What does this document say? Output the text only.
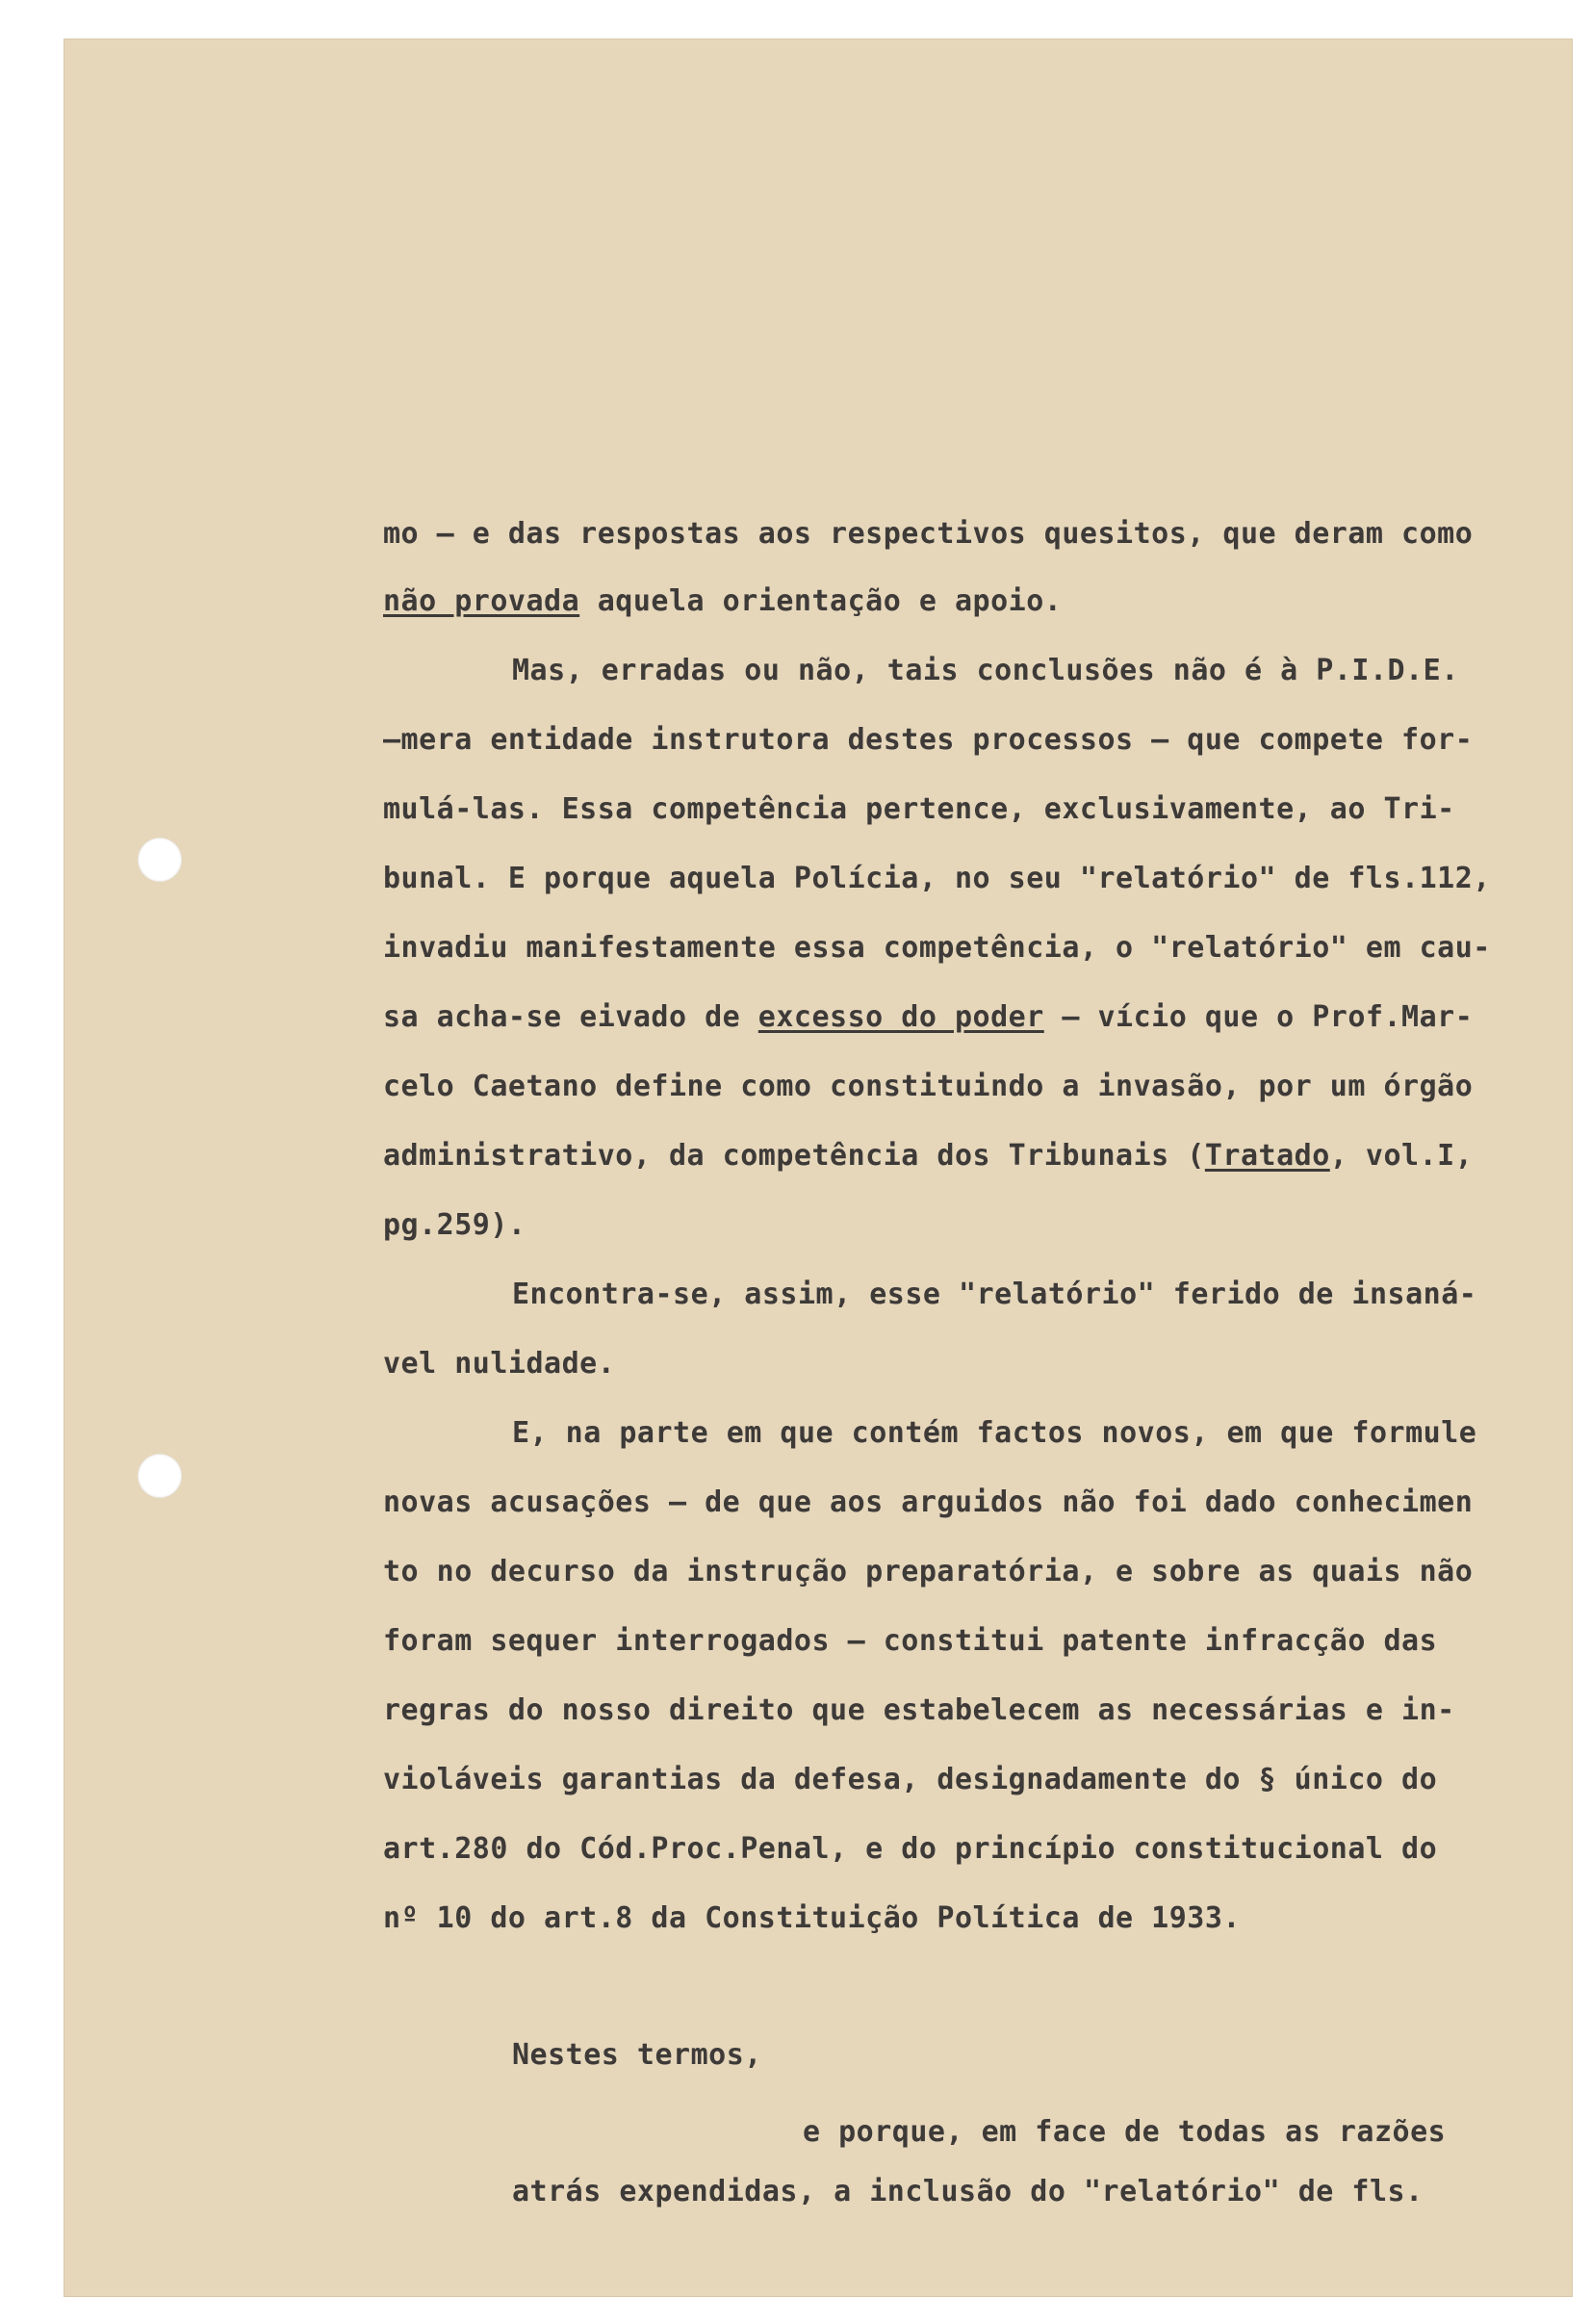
mo — e das respostas aos respectivos quesitos, que deram como
não provada aquela orientação e apoio.
Mas, erradas ou não, tais conclusões não é à P.I.D.E.
—mera entidade instrutora destes processos — que compete for-
mulá-las. Essa competência pertence, exclusivamente, ao Tri-
bunal. E porque aquela Polícia, no seu "relatório" de fls.112,
invadiu manifestamente essa competência, o "relatório" em cau-
sa acha-se eivado de excesso do poder — vício que o Prof.Mar-
celo Caetano define como constituindo a invasão, por um órgão
administrativo, da competência dos Tribunais (Tratado, vol.I,
pg.259).
Encontra-se, assim, esse "relatório" ferido de insaná-
vel nulidade.
E, na parte em que contém factos novos, em que formule
novas acusações — de que aos arguidos não foi dado conhecimen
to no decurso da instrução preparatória, e sobre as quais não
foram sequer interrogados — constitui patente infracção das
regras do nosso direito que estabelecem as necessárias e in-
violáveis garantias da defesa, designadamente do § único do
art.280 do Cód.Proc.Penal, e do princípio constitucional do
nº 10 do art.8 da Constituição Política de 1933.
Nestes termos,
e porque, em face de todas as razões
atrás expendidas, a inclusão do "relatório" de fls.
